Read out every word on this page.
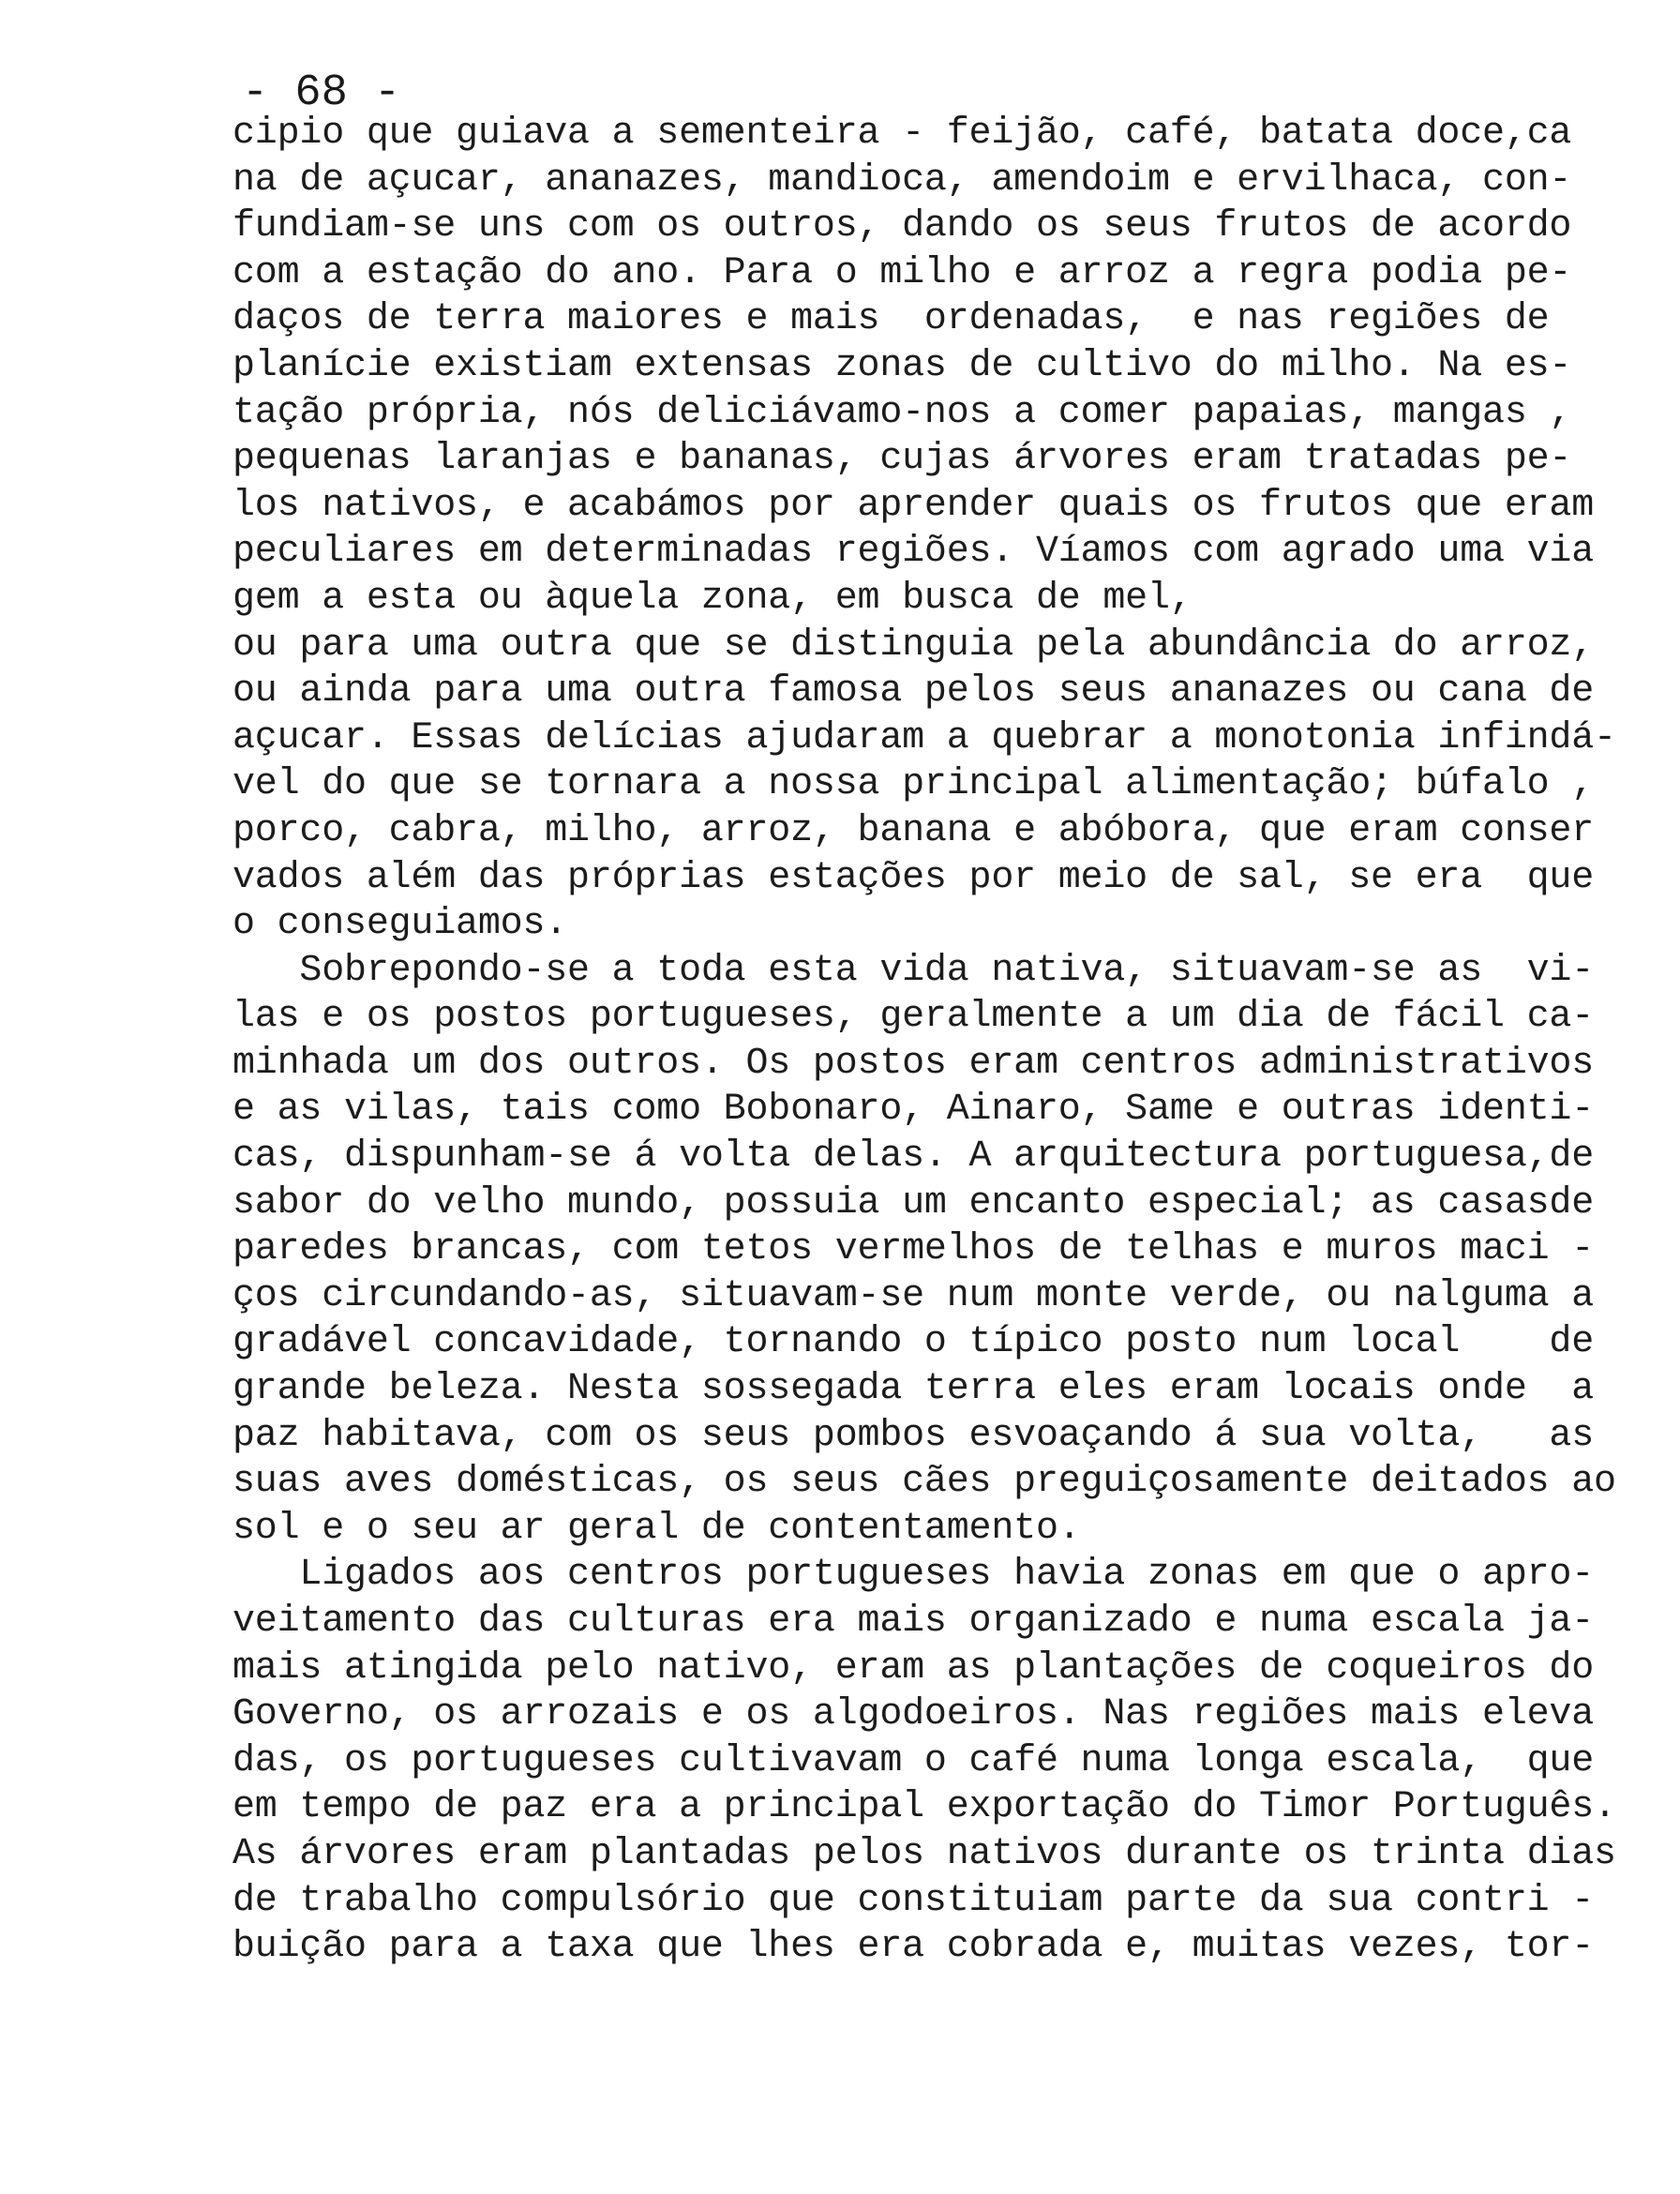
- 68 -
cipio que guiava a sementeira - feijão, café, batata doce,ca
na de açucar, ananazes, mandioca, amendoim e ervilhaca, con-
fundiam-se uns com os outros, dando os seus frutos de acordo
com a estação do ano. Para o milho e arroz a regra podia pe-
daços de terra maiores e mais  ordenadas,  e nas regiões de
planície existiam extensas zonas de cultivo do milho. Na es-
tação própria, nós deliciávamo-nos a comer papaias, mangas ,
pequenas laranjas e bananas, cujas árvores eram tratadas pe-
los nativos, e acabámos por aprender quais os frutos que eram
peculiares em determinadas regiões. Víamos com agrado uma via
gem a esta ou àquela zona, em busca de mel,
ou para uma outra que se distinguia pela abundância do arroz,
ou ainda para uma outra famosa pelos seus ananazes ou cana de
açucar. Essas delícias ajudaram a quebrar a monotonia infindá-
vel do que se tornara a nossa principal alimentação; búfalo ,
porco, cabra, milho, arroz, banana e abóbora, que eram conser
vados além das próprias estações por meio de sal, se era  que
o conseguiamos.
Sobrepondo-se a toda esta vida nativa, situavam-se as  vi-
las e os postos portugueses, geralmente a um dia de fácil ca-
minhada um dos outros. Os postos eram centros administrativos
e as vilas, tais como Bobonaro, Ainaro, Same e outras identi-
cas, dispunham-se á volta delas. A arquitectura portuguesa,de
sabor do velho mundo, possuia um encanto especial; as casasde
paredes brancas, com tetos vermelhos de telhas e muros maci -
ços circundando-as, situavam-se num monte verde, ou nalguma a
gradável concavidade, tornando o típico posto num local    de
grande beleza. Nesta sossegada terra eles eram locais onde  a
paz habitava, com os seus pombos esvoaçando á sua volta,   as
suas aves domésticas, os seus cães preguiçosamente deitados ao
sol e o seu ar geral de contentamento.
Ligados aos centros portugueses havia zonas em que o apro-
veitamento das culturas era mais organizado e numa escala ja-
mais atingida pelo nativo, eram as plantações de coqueiros do
Governo, os arrozais e os algodoeiros. Nas regiões mais eleva
das, os portugueses cultivavam o café numa longa escala,  que
em tempo de paz era a principal exportação do Timor Português.
As árvores eram plantadas pelos nativos durante os trinta dias
de trabalho compulsório que constituiam parte da sua contri -
buição para a taxa que lhes era cobrada e, muitas vezes, tor-
